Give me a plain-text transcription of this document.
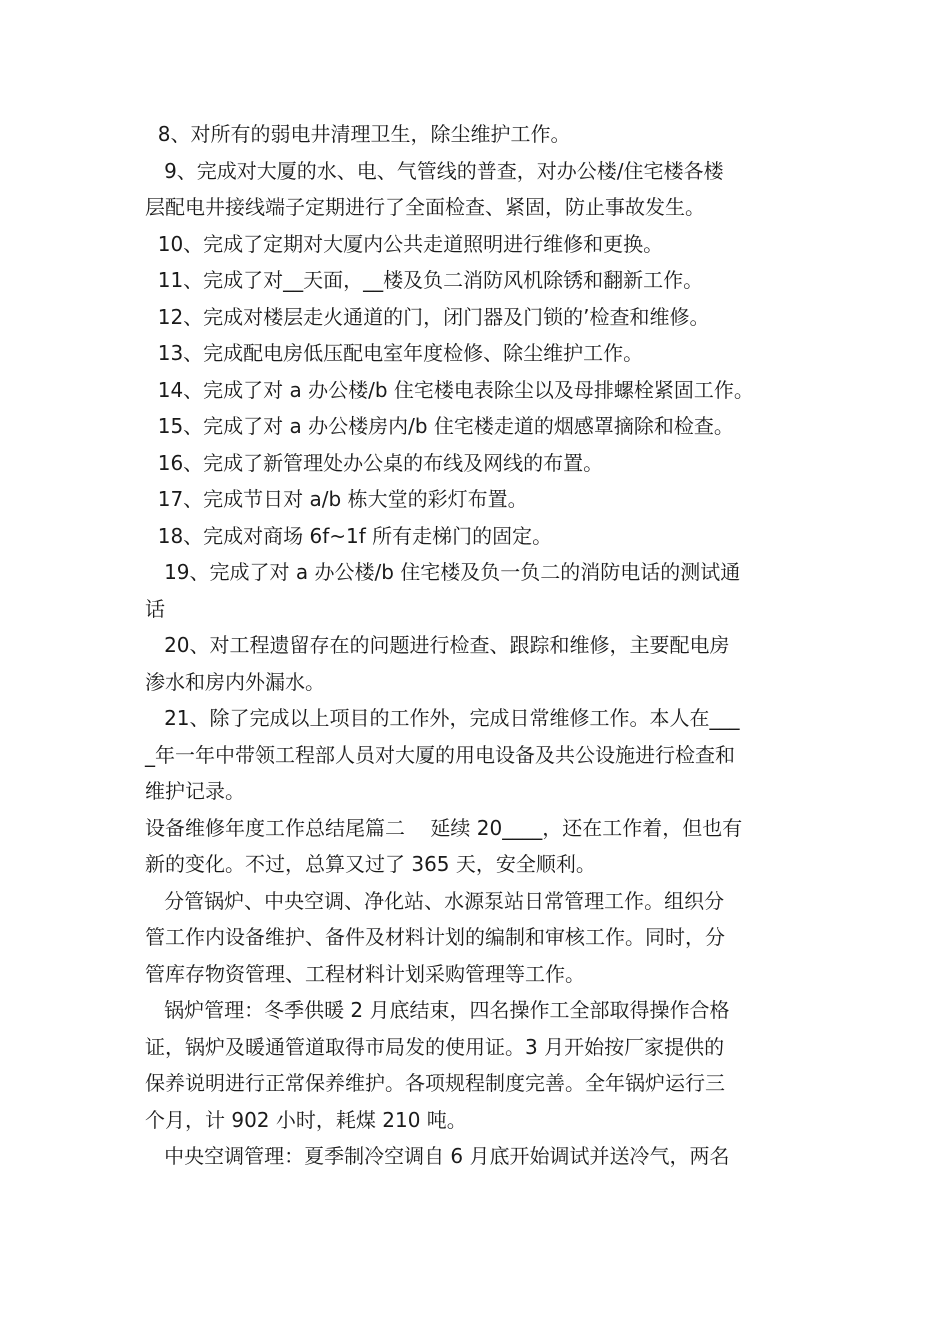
8、对所有的弱电井清理卫生，除尘维护工作。
9、完成对大厦的水、电、气管线的普查，对办公楼/住宅楼各楼
层配电井接线端子定期进行了全面检查、紧固，防止事故发生。
10、完成了定期对大厦内公共走道照明进行维修和更换。
11、完成了对__天面，__楼及负二消防风机除锈和翻新工作。
12、完成对楼层走火通道的门，闭门器及门锁的’检查和维修。
13、完成配电房低压配电室年度检修、除尘维护工作。
14、完成了对 a 办公楼/b 住宅楼电表除尘以及母排螺栓紧固工作。
15、完成了对 a 办公楼房内/b 住宅楼走道的烟感罩摘除和检查。
16、完成了新管理处办公桌的布线及网线的布置。
17、完成节日对 a/b 栋大堂的彩灯布置。
18、完成对商场 6f~1f 所有走梯门的固定。
19、完成了对 a 办公楼/b 住宅楼及负一负二的消防电话的测试通
话
20、对工程遗留存在的问题进行检查、跟踪和维修，主要配电房
渗水和房内外漏水。
21、除了完成以上项目的工作外，完成日常维修工作。本人在___
_年一年中带领工程部人员对大厦的用电设备及共公设施进行检查和
维护记录。
设备维修年度工作总结尾篇二    延续 20____，还在工作着，但也有
新的变化。不过，总算又过了 365 天，安全顺利。
分管锅炉、中央空调、净化站、水源泵站日常管理工作。组织分
管工作内设备维护、备件及材料计划的编制和审核工作。同时，分
管库存物资管理、工程材料计划采购管理等工作。
锅炉管理：冬季供暖 2 月底结束，四名操作工全部取得操作合格
证，锅炉及暖通管道取得市局发的使用证。3 月开始按厂家提供的
保养说明进行正常保养维护。各项规程制度完善。全年锅炉运行三
个月，计 902 小时，耗煤 210 吨。
中央空调管理：夏季制冷空调自 6 月底开始调试并送冷气，两名
